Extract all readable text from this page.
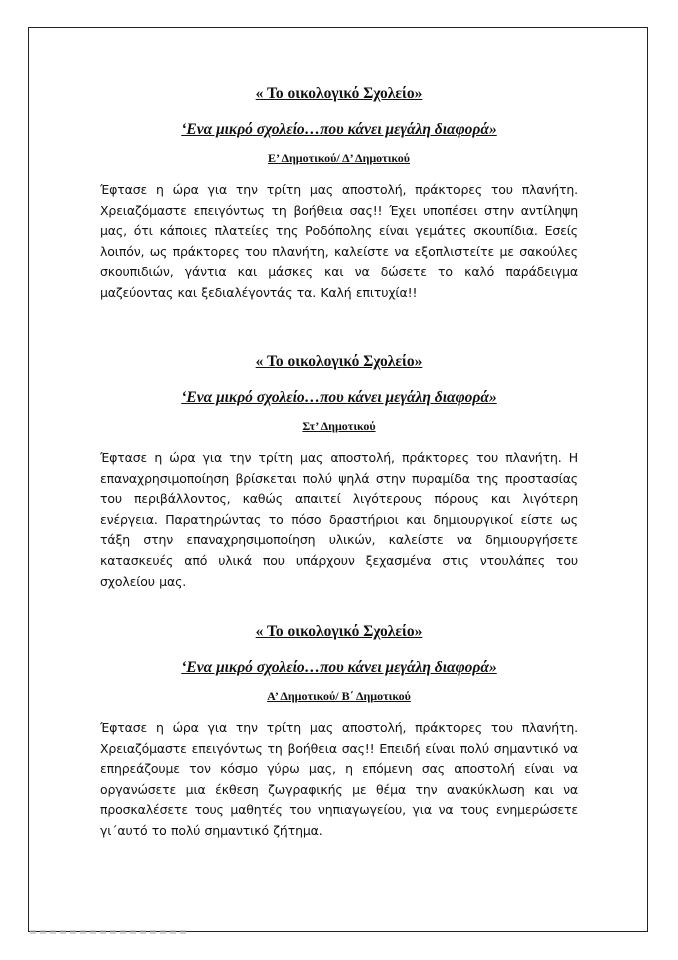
« Το οικολογικό Σχολείο»

‘Ενα μικρό σχολείο…που κάνει μεγάλη διαφορά»

Ε’ Δημοτικού/ Δ’ Δημοτικού

Έφτασε η ώρα για την τρίτη μας αποστολή, πράκτορες του πλανήτη. Χρειαζόμαστε επειγόντως τη βοήθεια σας!! Έχει υποπέσει στην αντίληψη μας, ότι κάποιες πλατείες της Ροδόπολης είναι γεμάτες σκουπίδια. Εσείς λοιπόν, ως πράκτορες του πλανήτη, καλείστε να εξοπλιστείτε με σακούλες σκουπιδιών, γάντια και μάσκες και να δώσετε το καλό παράδειγμα μαζεύοντας και ξεδιαλέγοντάς τα. Καλή επιτυχία!!

« Το οικολογικό Σχολείο»

‘Ενα μικρό σχολείο…που κάνει μεγάλη διαφορά»

Στ’ Δημοτικού

Έφτασε η ώρα για την τρίτη μας αποστολή, πράκτορες του πλανήτη. Η επαναχρησιμοποίηση βρίσκεται πολύ ψηλά στην πυραμίδα της προστασίας του περιβάλλοντος, καθώς απαιτεί λιγότερους πόρους και λιγότερη ενέργεια. Παρατηρώντας το πόσο δραστήριοι και δημιουργικοί είστε ως τάξη στην επαναχρησιμοποίηση υλικών, καλείστε να δημιουργήσετε κατασκευές από υλικά που υπάρχουν ξεχασμένα στις ντουλάπες του σχολείου μας.

« Το οικολογικό Σχολείο»

‘Ενα μικρό σχολείο…που κάνει μεγάλη διαφορά»

Α’ Δημοτικού/ Β΄ Δημοτικού

Έφτασε η ώρα για την τρίτη μας αποστολή, πράκτορες του πλανήτη. Χρειαζόμαστε επειγόντως τη βοήθεια σας!! Επειδή είναι πολύ σημαντικό να επηρεάζουμε τον κόσμο γύρω μας, η επόμενη σας αποστολή είναι να οργανώσετε μια έκθεση ζωγραφικής με θέμα την ανακύκλωση και να προσκαλέσετε τους μαθητές του νηπιαγωγείου, για να τους ενημερώσετε γι΄αυτό το πολύ σημαντικό ζήτημα.
